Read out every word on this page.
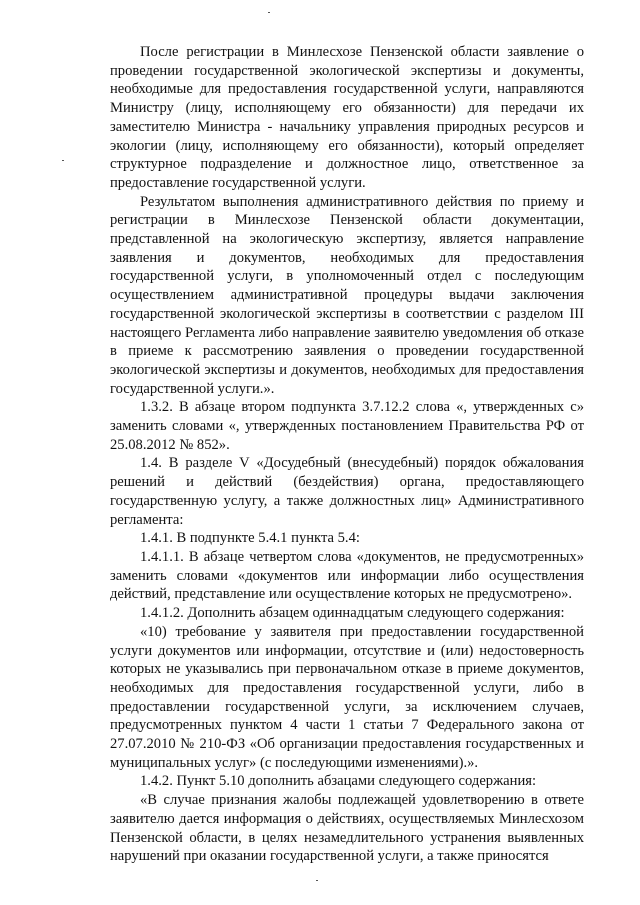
После регистрации в Минлесхозе Пензенской области заявление о проведении государственной экологической экспертизы и документы, необходимые для предоставления государственной услуги, направляются Министру (лицу, исполняющему его обязанности) для передачи их заместителю Министра - начальнику управления природных ресурсов и экологии (лицу, исполняющему его обязанности), который определяет структурное подразделение и должностное лицо, ответственное за предоставление государственной услуги.

Результатом выполнения административного действия по приему и регистрации в Минлесхозе Пензенской области документации, представленной на экологическую экспертизу, является направление заявления и документов, необходимых для предоставления государственной услуги, в уполномоченный отдел с последующим осуществлением административной процедуры выдачи заключения государственной экологической экспертизы в соответствии с разделом III настоящего Регламента либо направление заявителю уведомления об отказе в приеме к рассмотрению заявления о проведении государственной экологической экспертизы и документов, необходимых для предоставления государственной услуги.».

1.3.2. В абзаце втором подпункта 3.7.12.2 слова «, утвержденных с» заменить словами «, утвержденных постановлением Правительства РФ от 25.08.2012 № 852».

1.4. В разделе V «Досудебный (внесудебный) порядок обжалования решений и действий (бездействия) органа, предоставляющего государственную услугу, а также должностных лиц» Административного регламента:

1.4.1. В подпункте 5.4.1 пункта 5.4:

1.4.1.1. В абзаце четвертом слова «документов, не предусмотренных» заменить словами «документов или информации либо осуществления действий, представление или осуществление которых не предусмотрено».

1.4.1.2. Дополнить абзацем одиннадцатым следующего содержания:

«10) требование у заявителя при предоставлении государственной услуги документов или информации, отсутствие и (или) недостоверность которых не указывались при первоначальном отказе в приеме документов, необходимых для предоставления государственной услуги, либо в предоставлении государственной услуги, за исключением случаев, предусмотренных пунктом 4 части 1 статьи 7 Федерального закона от 27.07.2010 № 210-ФЗ «Об организации предоставления государственных и муниципальных услуг» (с последующими изменениями).».

1.4.2. Пункт 5.10 дополнить абзацами следующего содержания:

«В случае признания жалобы подлежащей удовлетворению в ответе заявителю дается информация о действиях, осуществляемых Минлесхозом Пензенской области, в целях незамедлительного устранения выявленных нарушений при оказании государственной услуги, а также приносятся
